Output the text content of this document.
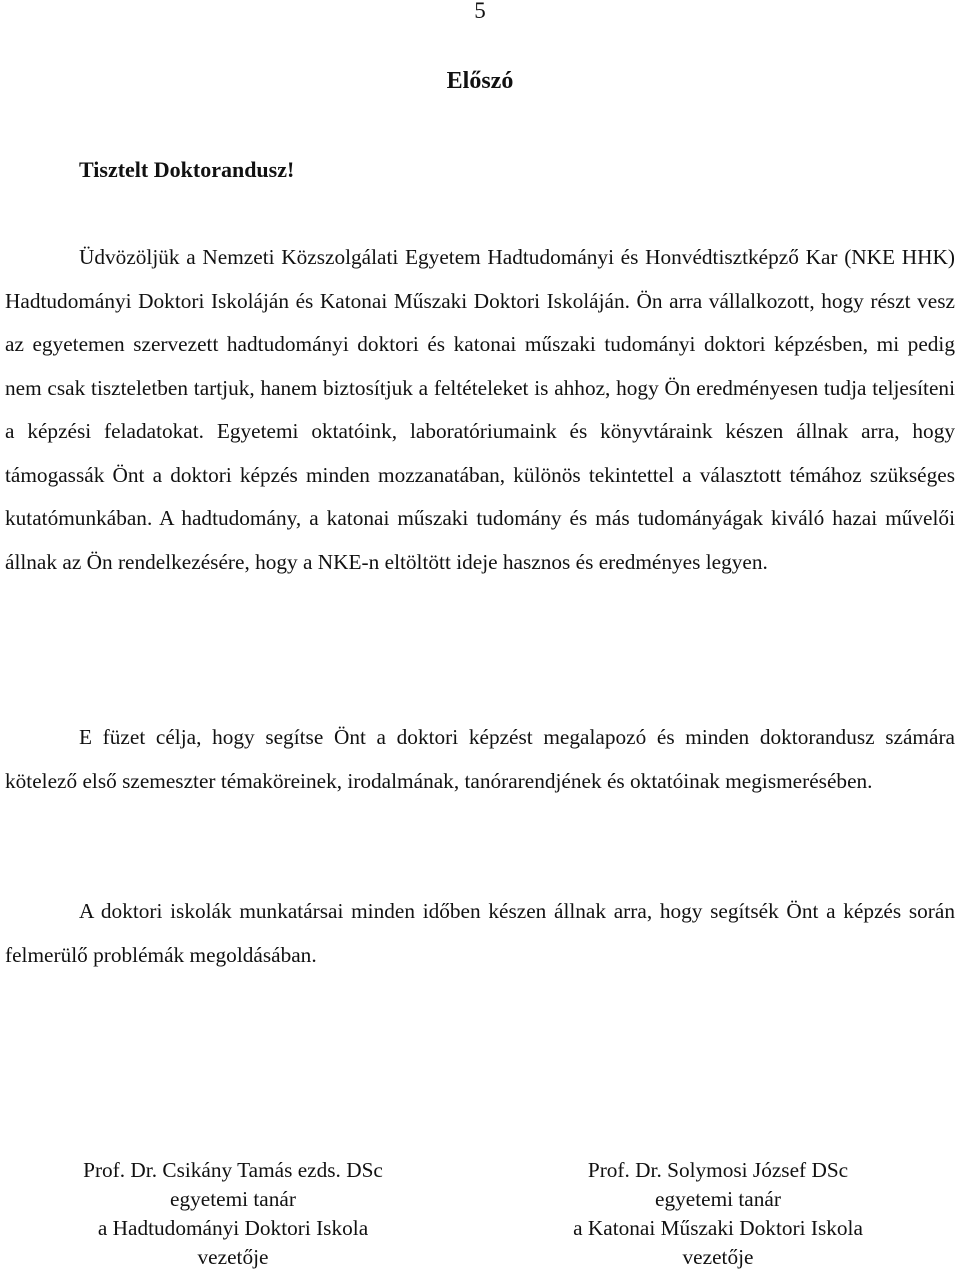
5
Előszó
Tisztelt Doktorandusz!

Üdvözöljük a Nemzeti Közszolgálati Egyetem Hadtudományi és Honvédtisztképző Kar (NKE HHK) Hadtudományi Doktori Iskoláján és Katonai Műszaki Doktori Iskoláján. Ön arra vállalkozott, hogy részt vesz az egyetemen szervezett hadtudományi doktori és katonai műszaki tudományi doktori képzésben, mi pedig nem csak tiszteletben tartjuk, hanem biztosítjuk a feltételeket is ahhoz, hogy Ön eredményesen tudja teljesíteni a képzési feladatokat. Egyetemi oktatóink, laboratóriumaink és könyvtáraink készen állnak arra, hogy támogassák Önt a doktori képzés minden mozzanatában, különös tekintettel a választott témához szükséges kutatómunkában. A hadtudomány, a katonai műszaki tudomány és más tudományágak kiváló hazai művelői állnak az Ön rendelkezésére, hogy a NKE-n eltöltött ideje hasznos és eredményes legyen.

E füzet célja, hogy segítse Önt a doktori képzést megalapozó és minden doktorandusz számára kötelező első szemeszter témaköreinek, irodalmának, tanórarendjének és oktatóinak megismerésében.

A doktori iskolák munkatársai minden időben készen állnak arra, hogy segítsék Önt a képzés során felmerülő problémák megoldásában.

Prof. Dr. Csikány Tamás ezds. DSc
egyetemi tanár
a Hadtudományi Doktori Iskola
vezetője
Prof. Dr. Solymosi József DSc
egyetemi tanár
a Katonai Műszaki Doktori Iskola
vezetője
